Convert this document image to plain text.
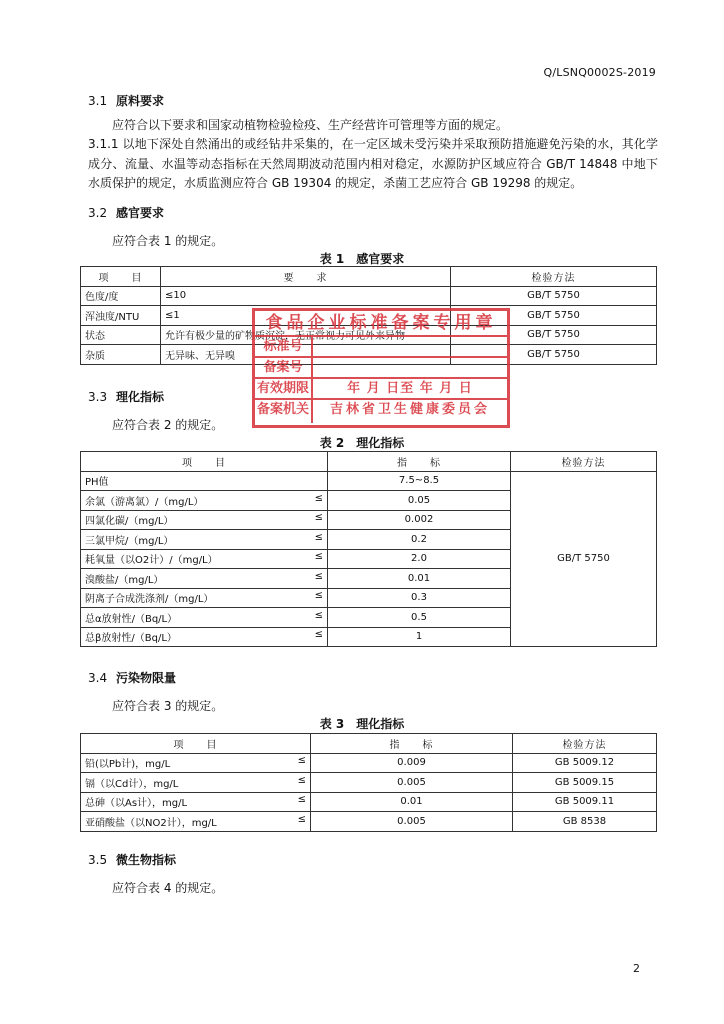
Q/LSNQ0002S-2019
3.1 原料要求
应符合以下要求和国家动植物检验检疫、生产经营许可管理等方面的规定。
3.1.1 以地下深处自然涌出的或经钻井采集的，在一定区域未受污染并采取预防措施避免污染的水，其化学成分、流量、水温等动态指标在天然周期波动范围内相对稳定，水源防护区域应符合 GB/T 14848 中地下水质保护的规定，水质监测应符合 GB 19304 的规定，杀菌工艺应符合 GB 19298 的规定。
3.2 感官要求
应符合表 1 的规定。
表 1　感官要求
项　　目	要　　求	检验方法
色度/度	≤10	GB/T 5750
浑浊度/NTU	≤1	GB/T 5750
状态	允许有极少量的矿物质沉淀，无正常视力可见外来异物	GB/T 5750
杂质	无异味、无异嗅	GB/T 5750
食品企业标准备案专用章
标准号
备案号
有效期限	年 月 日至 年 月 日
备案机关	吉林省卫生健康委员会
3.3 理化指标
应符合表 2 的规定。
表 2　理化指标
项　　目	指　　标	检验方法

PH值	7.5~8.5	GB/T 5750

余氯（游离氯）/（mg/L） ≤	0.05	

四氯化碳/（mg/L） ≤	0.002	

三氯甲烷/（mg/L） ≤	0.2	

耗氧量（以O2计）/（mg/L） ≤	2.0	

溴酸盐/（mg/L） ≤	0.01	

阴离子合成洗涤剂/（mg/L） ≤	0.3	

总α放射性/（Bq/L） ≤	0.5	

总β放射性/（Bq/L） ≤	1	
3.4 污染物限量
应符合表 3 的规定。
表 3　理化指标
项　　目	指　　标	检验方法

铅(以Pb计)，mg/L ≤	0.009	GB 5009.12

镉（以Cd计），mg/L ≤	0.005	GB 5009.15

总砷（以As计），mg/L ≤	0.01	GB 5009.11

亚硝酸盐（以NO2计），mg/L ≤	0.005	GB 8538
3.5 微生物指标
应符合表 4 的规定。
2
